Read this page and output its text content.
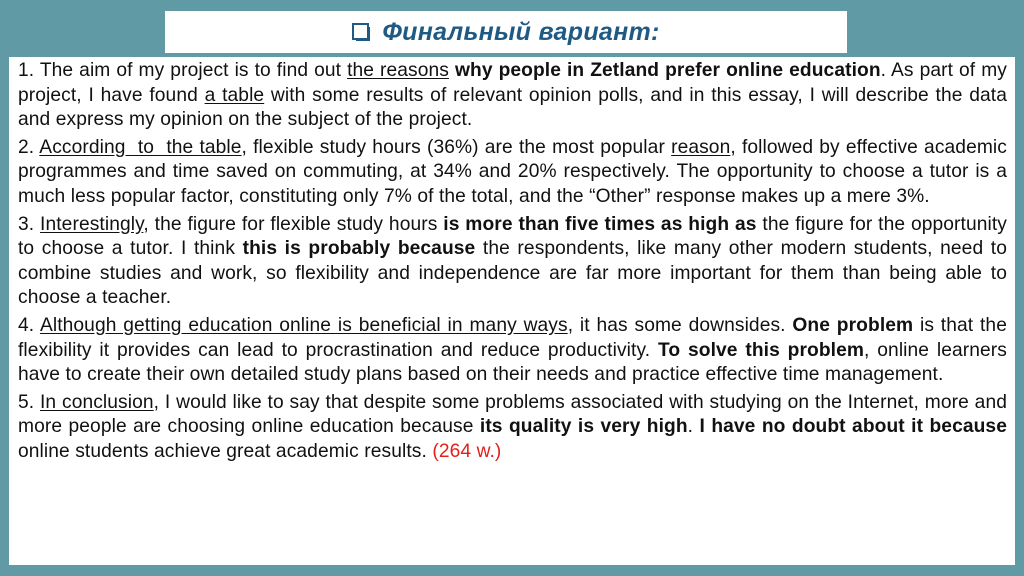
Финальный вариант:

1. The aim of my project is to find out the reasons why people in Zetland prefer online education. As part of my project, I have found a table with some results of relevant opinion polls, and in this essay, I will describe the data and express my opinion on the subject of the project.

2. According  to  the table, flexible study hours (36%) are the most popular reason, followed by effective academic programmes and time saved on commuting, at 34% and 20% respectively. The opportunity to choose a tutor is a much less popular factor, constituting only 7% of the total, and the “Other” response makes up a mere 3%.

3. Interestingly, the figure for flexible study hours is more than five times as high as the figure for the opportunity to choose a tutor. I think this is probably because the respondents, like many other modern students, need to combine studies and work, so flexibility and independence are far more important for them than being able to choose a teacher.

4. Although getting education online is beneficial in many ways, it has some downsides. One problem is that the flexibility it provides can lead to procrastination and reduce productivity. To solve this problem, online learners have to create their own detailed study plans based on their needs and practice effective time management.

5. In conclusion, I would like to say that despite some problems associated with studying on the Internet, more and more people are choosing online education because its quality is very high. I have no doubt about it because online students achieve great academic results. (264 w.)
